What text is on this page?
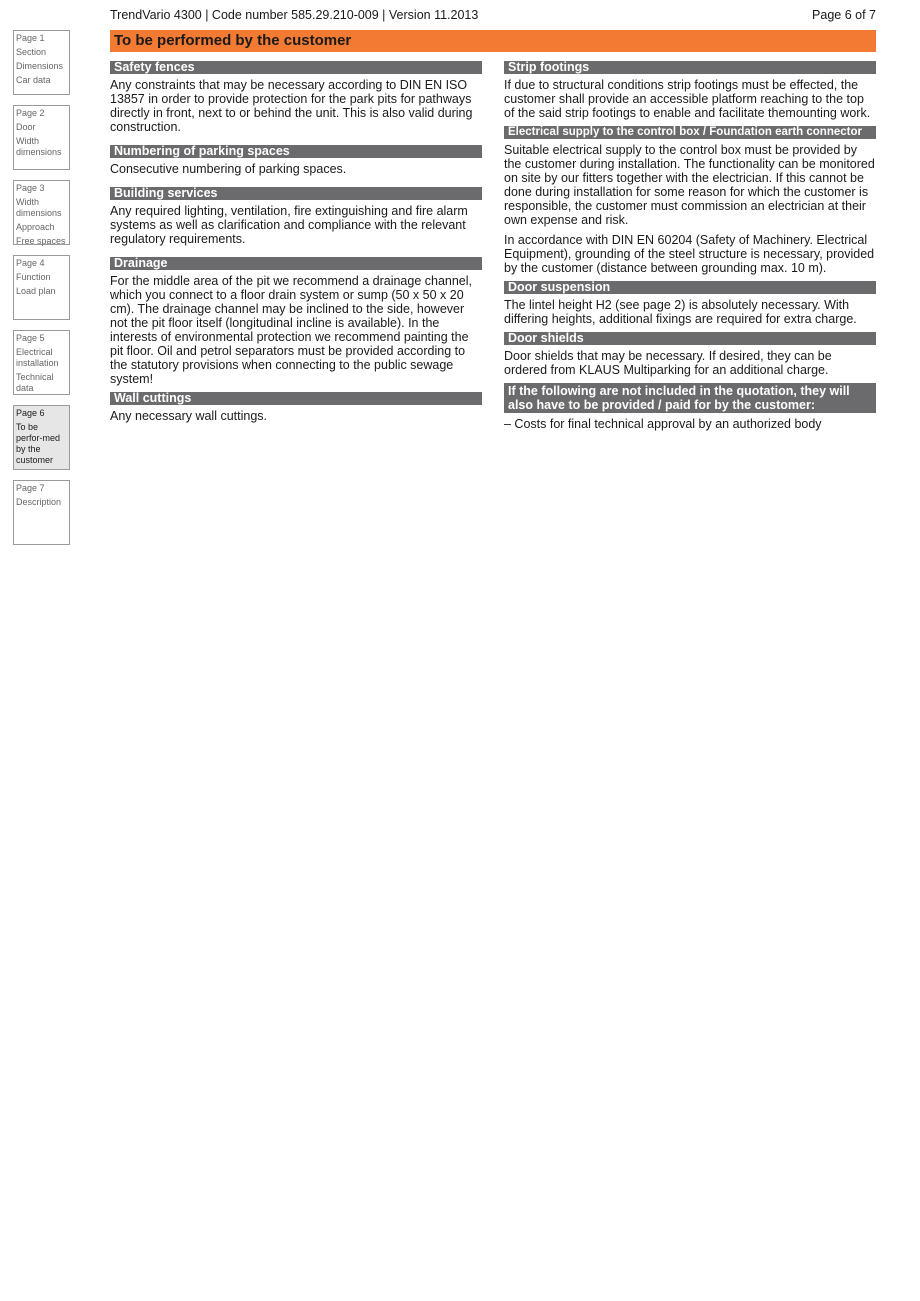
TrendVario 4300 | Code number 585.29.210-009 | Version 11.2013	Page 6 of 7
Page 1
Section
Dimensions
Car data
Page 2
Door
Width dimensions
Page 3
Width dimensions
Approach
Free spaces
Page 4
Function
Load plan
Page 5
Electrical installation
Technical data
Page 6
To be perfor-med by the customer
Page 7
Description
To be performed by the customer
Safety fences

Any constraints that may be necessary according to DIN EN ISO 13857 in order to provide protection for the park pits for pathways directly in front, next to or behind the unit. This is also valid during construction.

Numbering of parking spaces

Consecutive numbering of parking spaces.

Building services

Any required lighting, ventilation, fire extinguishing and fire alarm systems as well as clarification and compliance with the relevant regulatory requirements.

Drainage

For the middle area of the pit we recommend a drainage channel, which you connect to a floor drain system or sump (50 x 50 x 20 cm). The drainage channel may be inclined to the side, however not the pit floor itself (longitudinal incline is available). In the interests of environmental protection we recommend painting the pit floor. Oil and petrol separators must be provided according to the statutory provisions when connecting to the public sewage system!

Wall cuttings

Any necessary wall cuttings.

Strip footings

If due to structural conditions strip footings must be effected, the customer shall provide an accessible platform reaching to the top of the said strip footings to enable and facilitate themounting work.

Electrical supply to the control box / Foundation earth connector

Suitable electrical supply to the control box must be provided by the customer during installation. The functionality can be monitored on site by our fitters together with the electrician. If this cannot be done during installation for some reason for which the customer is responsible, the customer must commission an electrician at their own expense and risk.

In accordance with DIN EN 60204 (Safety of Machinery. Electrical Equipment), grounding of the steel structure is necessary, provided by the customer (distance between grounding max. 10 m).

Door suspension

The lintel height H2 (see page 2) is absolutely necessary. With differing heights, additional fixings are required for extra charge.

Door shields

Door shields that may be necessary. If desired, they can be ordered from KLAUS Multiparking for an additional charge.

If the following are not included in the quotation, they will also have to be provided / paid for by the customer:

– Costs for final technical approval by an authorized body
